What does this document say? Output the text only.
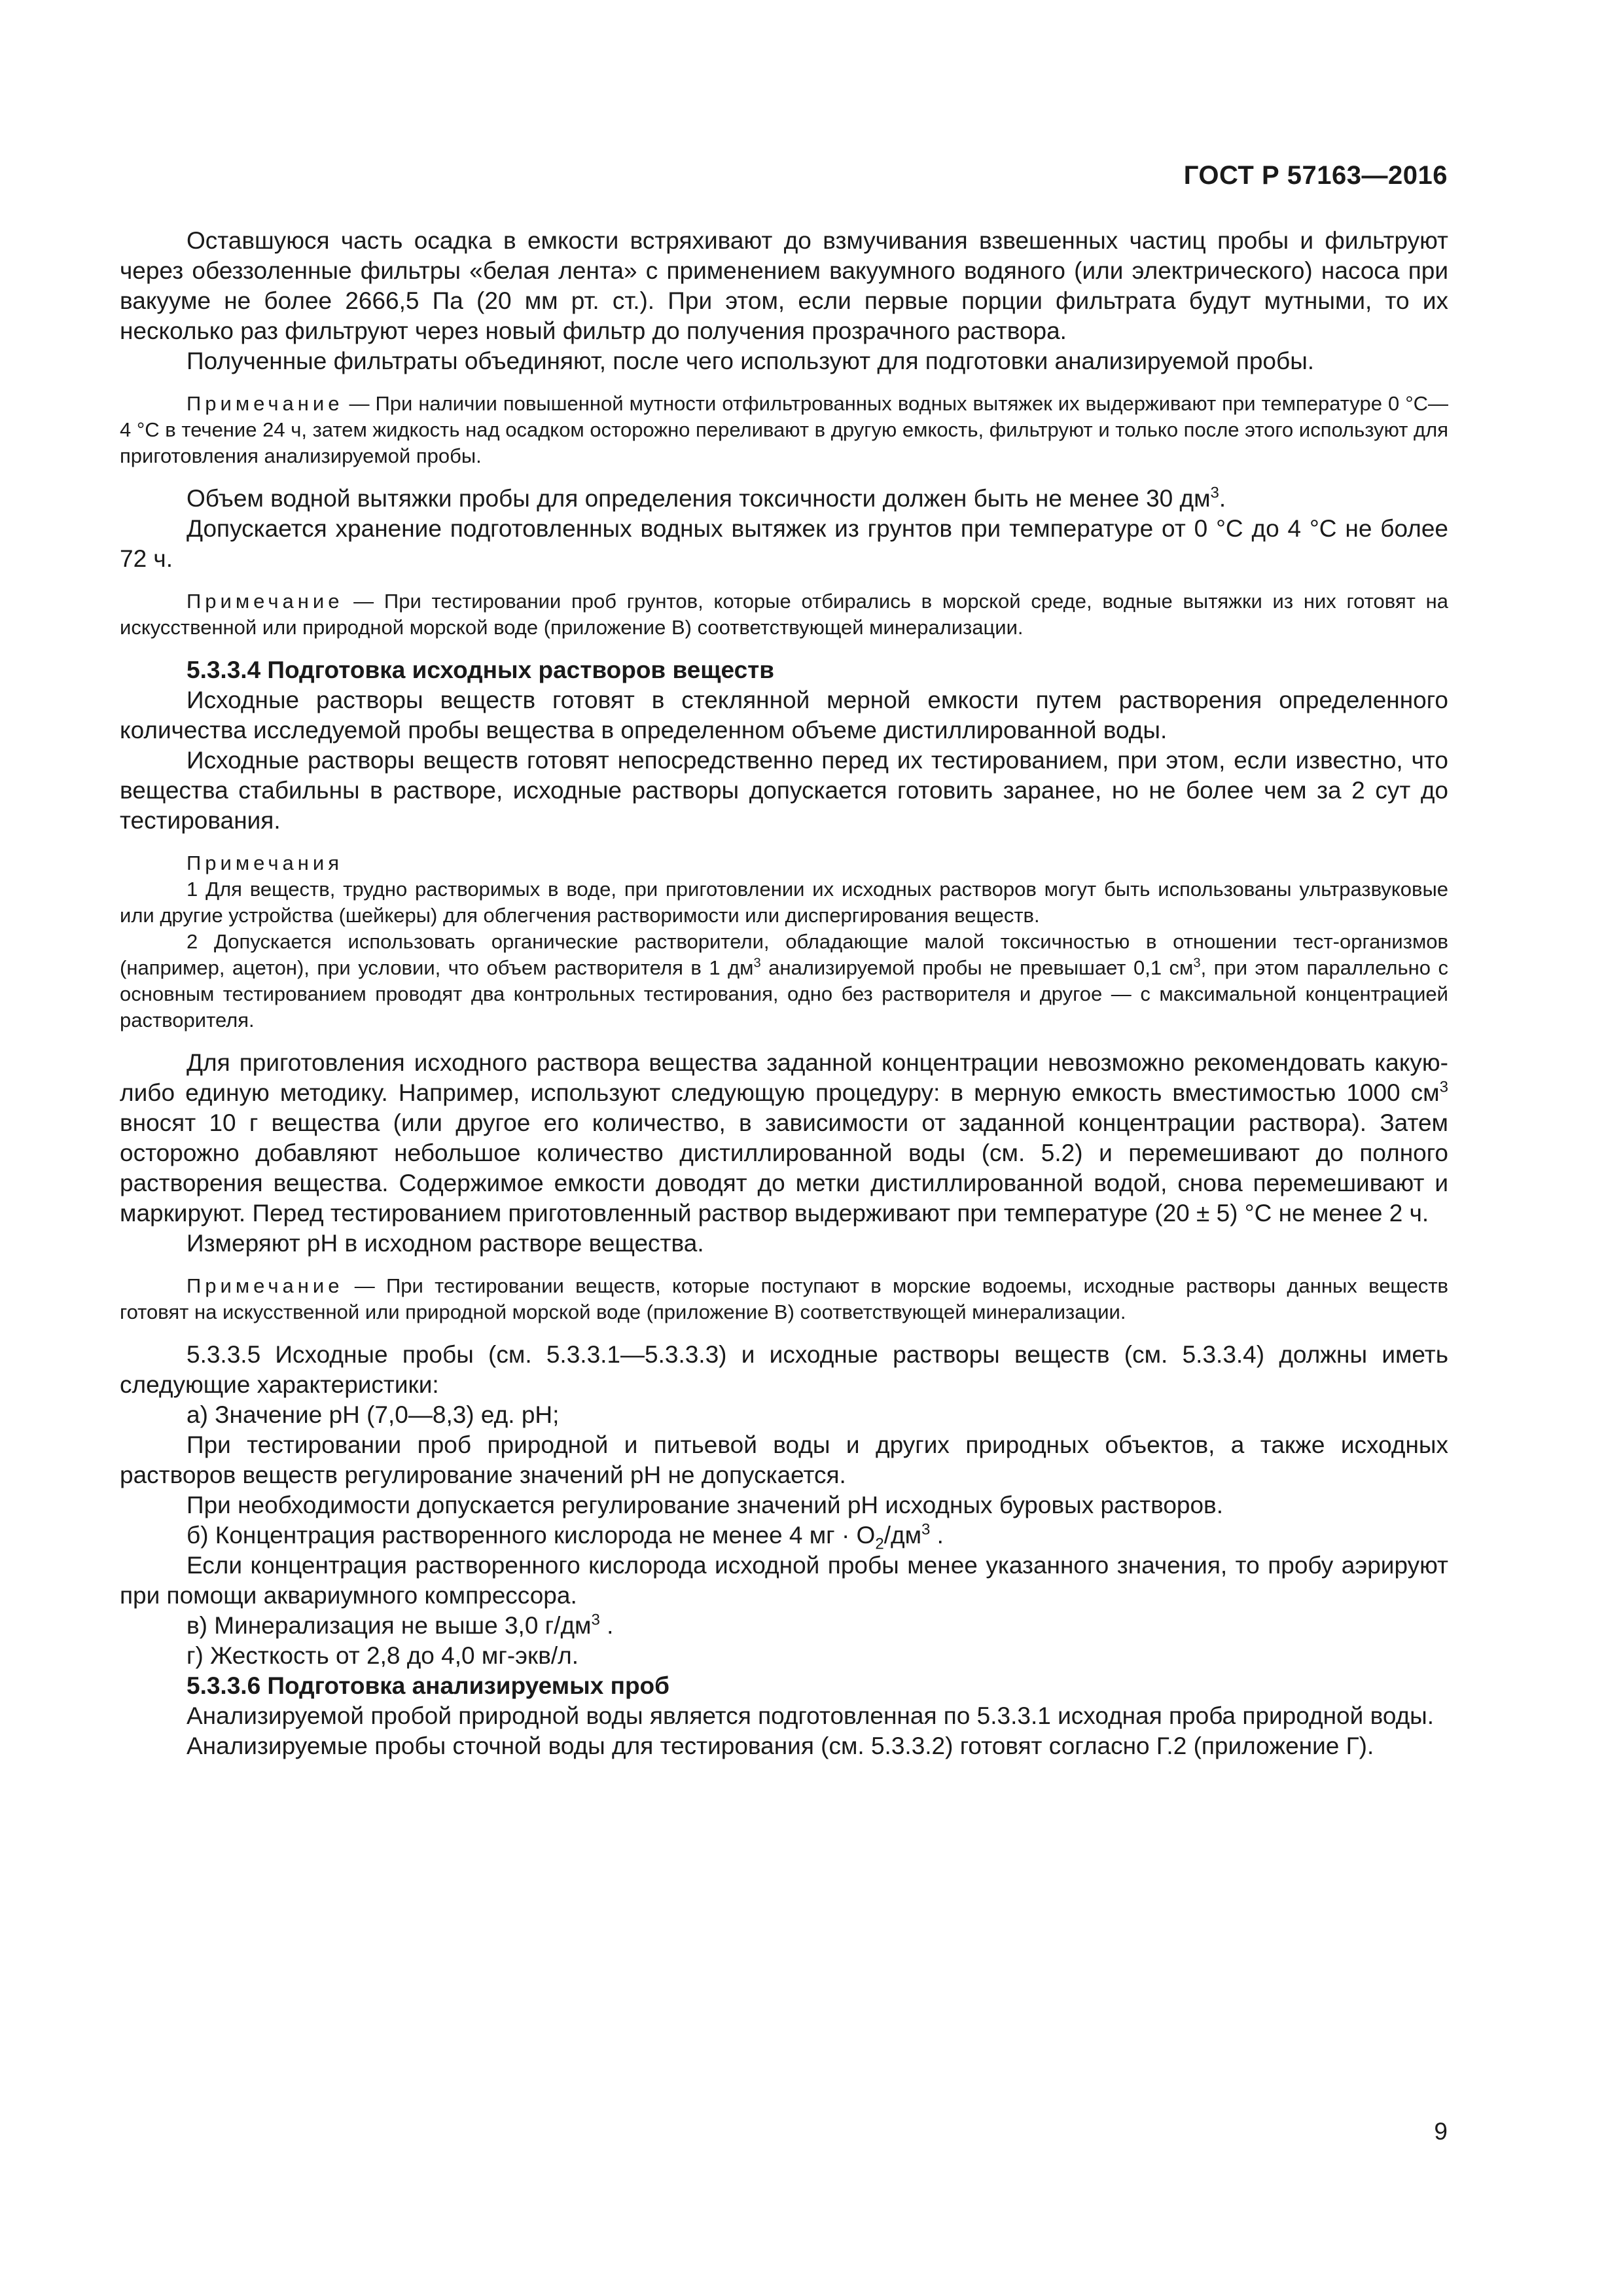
ГОСТ Р 57163—2016

Оставшуюся часть осадка в емкости встряхивают до взмучивания взвешенных частиц пробы и фильтруют через обеззоленные фильтры «белая лента» с применением вакуумного водяного (или электрического) насоса при вакууме не более 2666,5 Па (20 мм рт. ст.). При этом, если первые порции фильтрата будут мутными, то их несколько раз фильтруют через новый фильтр до получения прозрачного раствора.

Полученные фильтраты объединяют, после чего используют для подготовки анализируемой пробы.

Примечание — При наличии повышенной мутности отфильтрованных водных вытяжек их выдерживают при температуре 0 °С—4 °С в течение 24 ч, затем жидкость над осадком осторожно переливают в другую емкость, фильтруют и только после этого используют для приготовления анализируемой пробы.

Объем водной вытяжки пробы для определения токсичности должен быть не менее 30 $дм^3$.

Допускается хранение подготовленных водных вытяжек из грунтов при температуре от 0 °С до 4 °С не более 72 ч.

Примечание — При тестировании проб грунтов, которые отбирались в морской среде, водные вытяжки из них готовят на искусственной или природной морской воде (приложение В) соответствующей минерализации.

5.3.3.4 Подготовка исходных растворов веществ

Исходные растворы веществ готовят в стеклянной мерной емкости путем растворения определенного количества исследуемой пробы вещества в определенном объеме дистиллированной воды.

Исходные растворы веществ готовят непосредственно перед их тестированием, при этом, если известно, что вещества стабильны в растворе, исходные растворы допускается готовить заранее, но не более чем за 2 сут до тестирования.

Примечания

1 Для веществ, трудно растворимых в воде, при приготовлении их исходных растворов могут быть использованы ультразвуковые или другие устройства (шейкеры) для облегчения растворимости или диспергирования веществ.

2 Допускается использовать органические растворители, обладающие малой токсичностью в отношении тест-организмов (например, ацетон), при условии, что объем растворителя в 1 $дм^3$ анализируемой пробы не превышает 0,1 $см^3$, при этом параллельно с основным тестированием проводят два контрольных тестирования, одно без растворителя и другое — с максимальной концентрацией растворителя.

Для приготовления исходного раствора вещества заданной концентрации невозможно рекомендовать какую-либо единую методику. Например, используют следующую процедуру: в мерную емкость вместимостью 1000 $см^3$ вносят 10 г вещества (или другое его количество, в зависимости от заданной концентрации раствора). Затем осторожно добавляют небольшое количество дистиллированной воды (см. 5.2) и перемешивают до полного растворения вещества. Содержимое емкости доводят до метки дистиллированной водой, снова перемешивают и маркируют. Перед тестированием приготовленный раствор выдерживают при температуре (20 ± 5) °С не менее 2 ч.

Измеряют рН в исходном растворе вещества.

Примечание — При тестировании веществ, которые поступают в морские водоемы, исходные растворы данных веществ готовят на искусственной или природной морской воде (приложение В) соответствующей минерализации.

5.3.3.5 Исходные пробы (см. 5.3.3.1—5.3.3.3) и исходные растворы веществ (см. 5.3.3.4) должны иметь следующие характеристики:

а) Значение рН (7,0—8,3) ед. рН;

При тестировании проб природной и питьевой воды и других природных объектов, а также исходных растворов веществ регулирование значений рН не допускается.

При необходимости допускается регулирование значений рН исходных буровых растворов.

б) Концентрация растворенного кислорода не менее 4 мг · $O_2/дм^3$ .

Если концентрация растворенного кислорода исходной пробы менее указанного значения, то пробу аэрируют при помощи аквариумного компрессора.

в) Минерализация не выше 3,0 $г/дм^3$ .

г) Жесткость от 2,8 до 4,0 мг-экв/л.

5.3.3.6 Подготовка анализируемых проб

Анализируемой пробой природной воды является подготовленная по 5.3.3.1 исходная проба природной воды.

Анализируемые пробы сточной воды для тестирования (см. 5.3.3.2) готовят согласно Г.2 (приложение Г).

9
